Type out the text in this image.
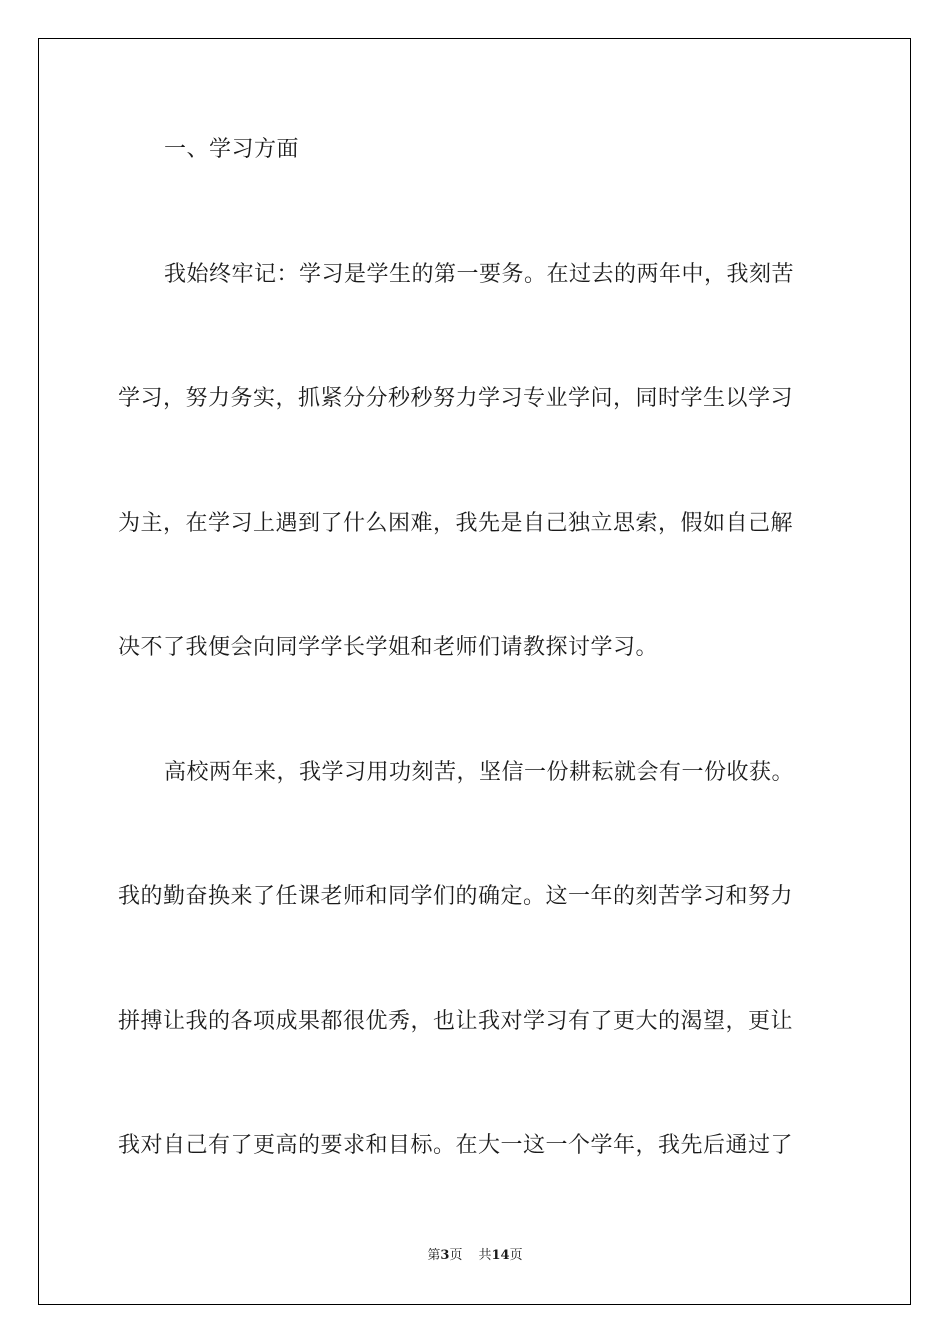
一、学习方面
我始终牢记：学习是学生的第一要务。在过去的两年中，我刻苦
学习，努力务实，抓紧分分秒秒努力学习专业学问，同时学生以学习
为主，在学习上遇到了什么困难，我先是自己独立思索，假如自己解
决不了我便会向同学学长学姐和老师们请教探讨学习。
高校两年来，我学习用功刻苦，坚信一份耕耘就会有一份收获。
我的勤奋换来了任课老师和同学们的确定。这一年的刻苦学习和努力
拼搏让我的各项成果都很优秀，也让我对学习有了更大的渴望，更让
我对自己有了更高的要求和目标。在大一这一个学年，我先后通过了
第3页 共14页
